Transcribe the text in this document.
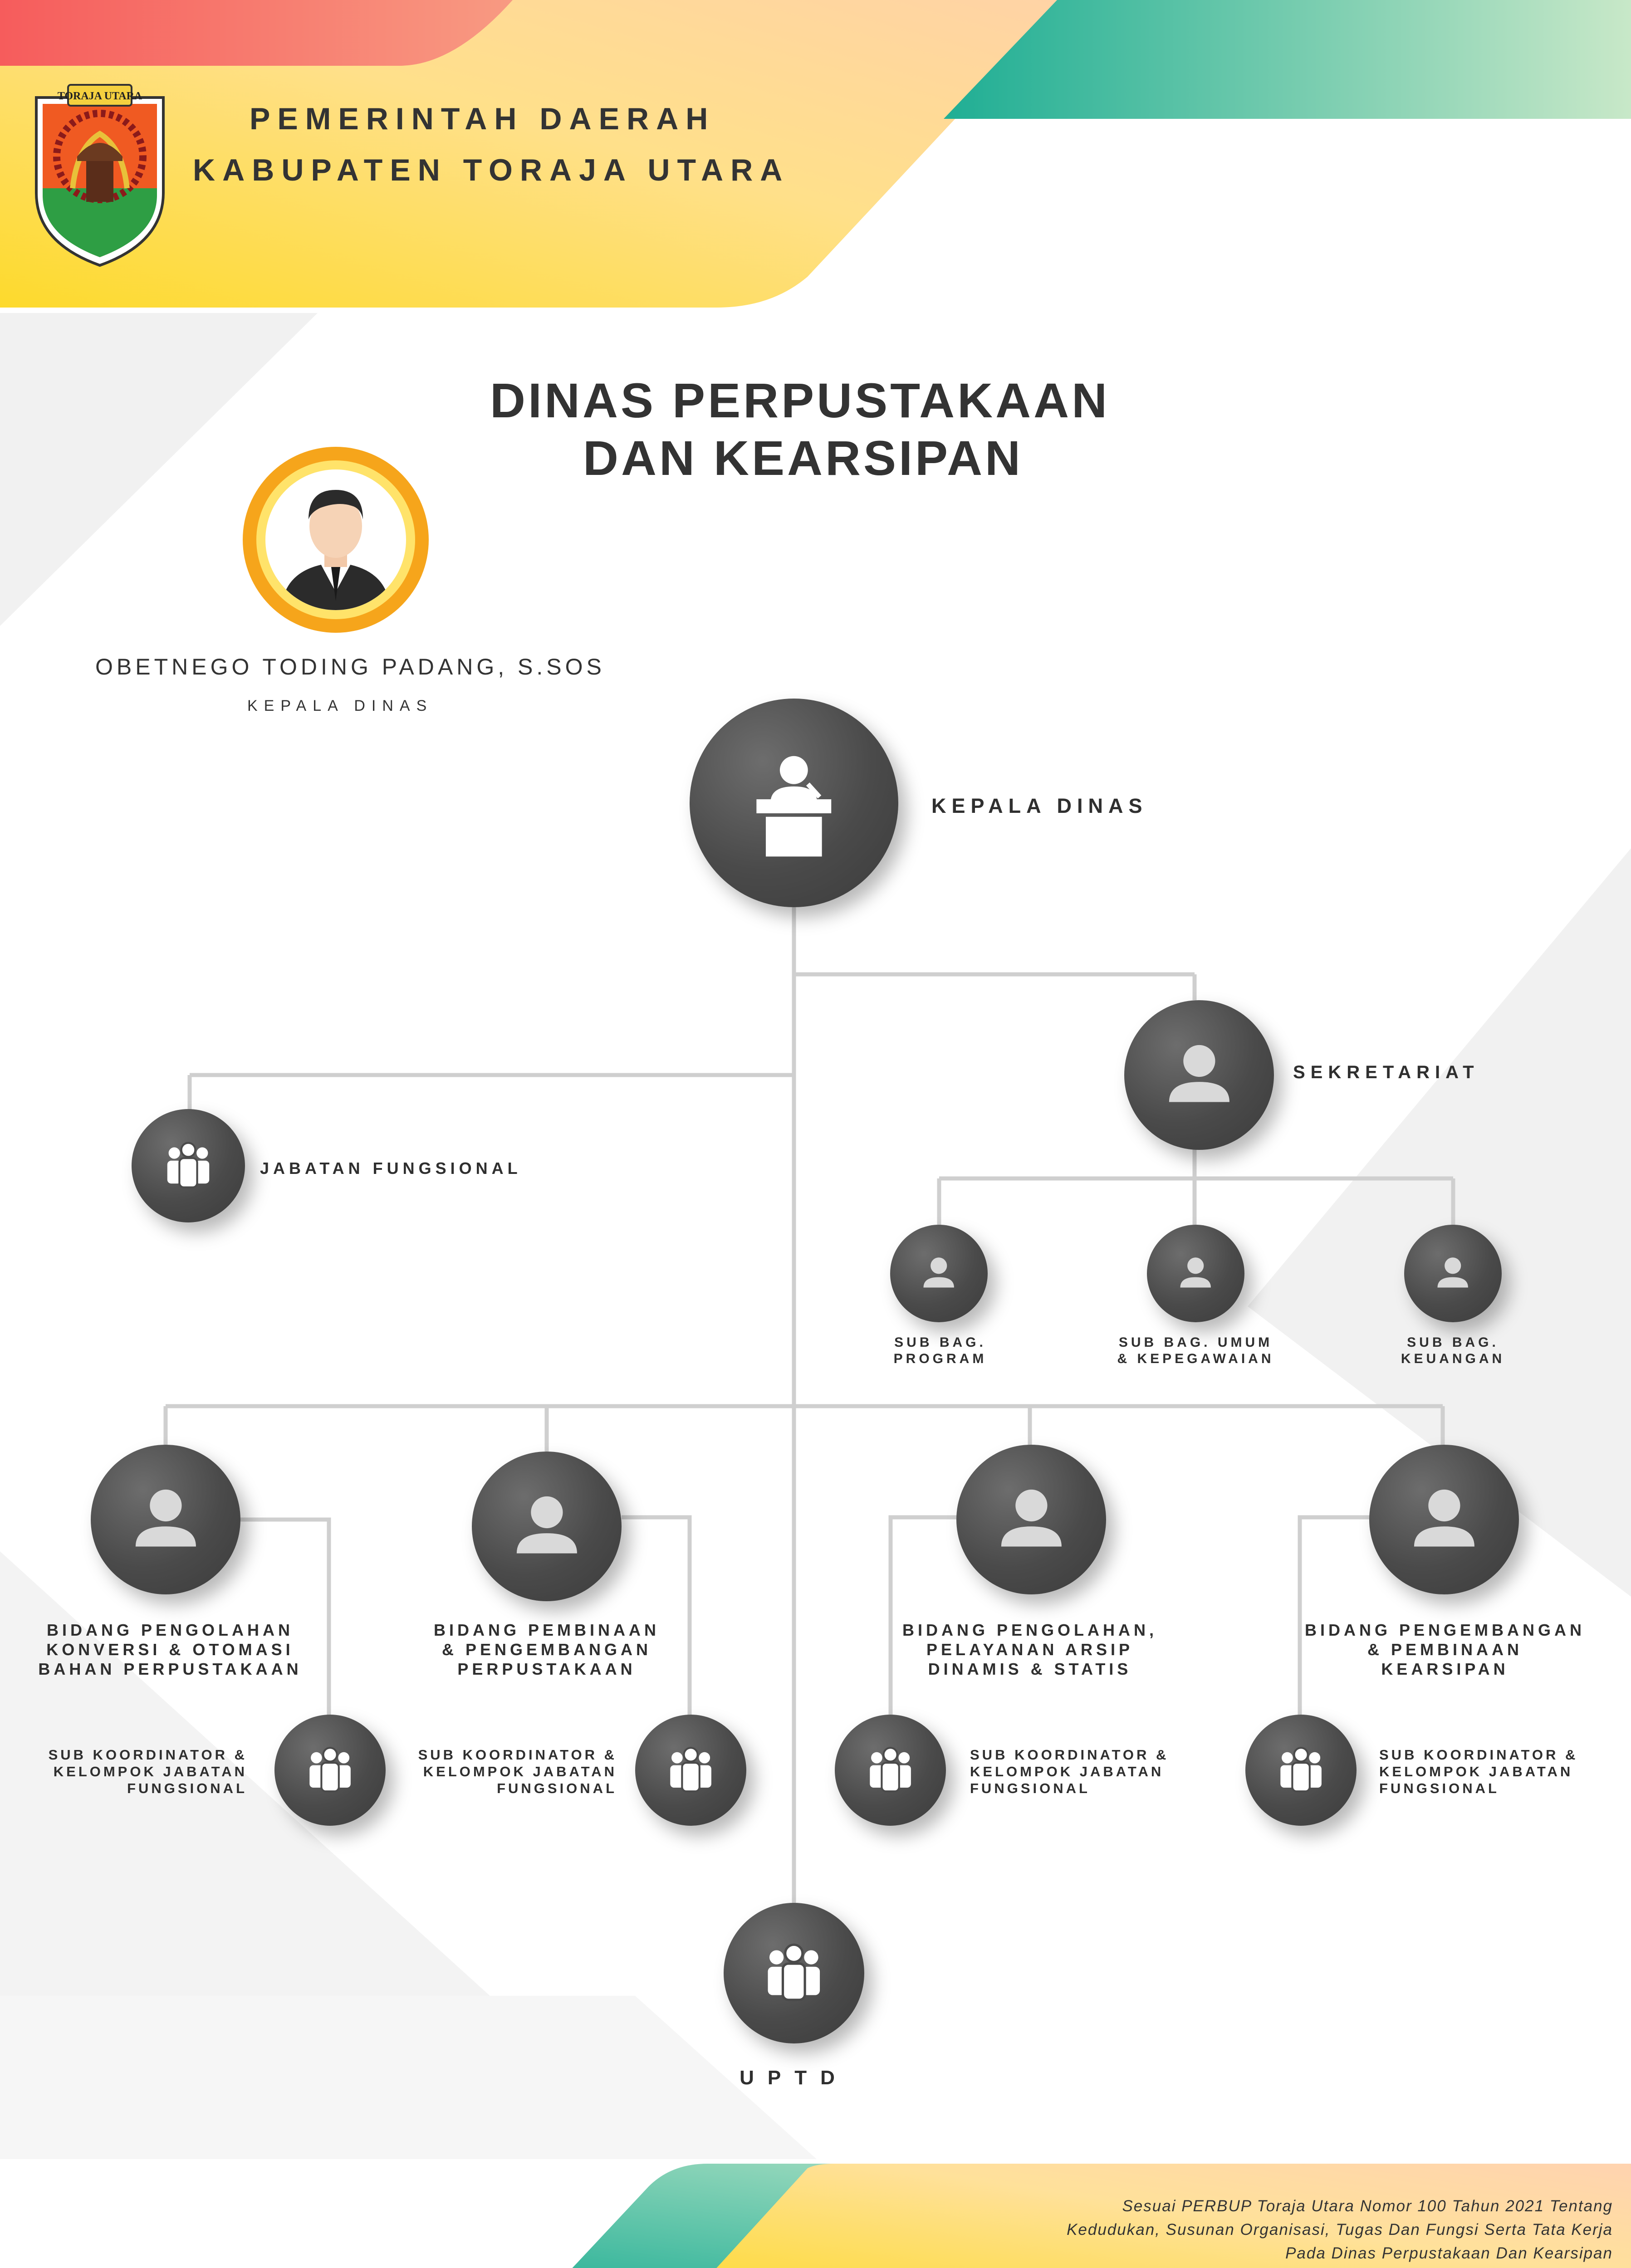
TORAJA UTARA
PEMERINTAH DAERAH
KABUPATEN TORAJA UTARA
DINAS PERPUSTAKAAN
DAN KEARSIPAN
OBETNEGO TODING PADANG, S.SOS
KEPALA DINAS
KEPALA DINAS
SEKRETARIAT
JABATAN FUNGSIONAL
SUB BAG. PROGRAM
SUB BAG. UMUM
& KEPEGAWAIAN
SUB BAG. KEUANGAN
BIDANG PENGOLAHAN
KONVERSI & OTOMASI
BAHAN PERPUSTAKAAN
BIDANG PEMBINAAN
& PENGEMBANGAN
PERPUSTAKAAN
BIDANG PENGOLAHAN,
PELAYANAN ARSIP
DINAMIS & STATIS
BIDANG PENGEMBANGAN
& PEMBINAAN
KEARSIPAN
SUB KOORDINATOR &
KELOMPOK JABATAN
FUNGSIONAL
SUB KOORDINATOR &
KELOMPOK JABATAN
FUNGSIONAL
SUB KOORDINATOR &
KELOMPOK JABATAN
FUNGSIONAL
SUB KOORDINATOR &
KELOMPOK JABATAN
FUNGSIONAL
UPTD
Sesuai PERBUP Toraja Utara Nomor 100 Tahun 2021 Tentang
Kedudukan, Susunan Organisasi, Tugas Dan Fungsi Serta Tata Kerja
Pada Dinas Perpustakaan Dan Kearsipan
